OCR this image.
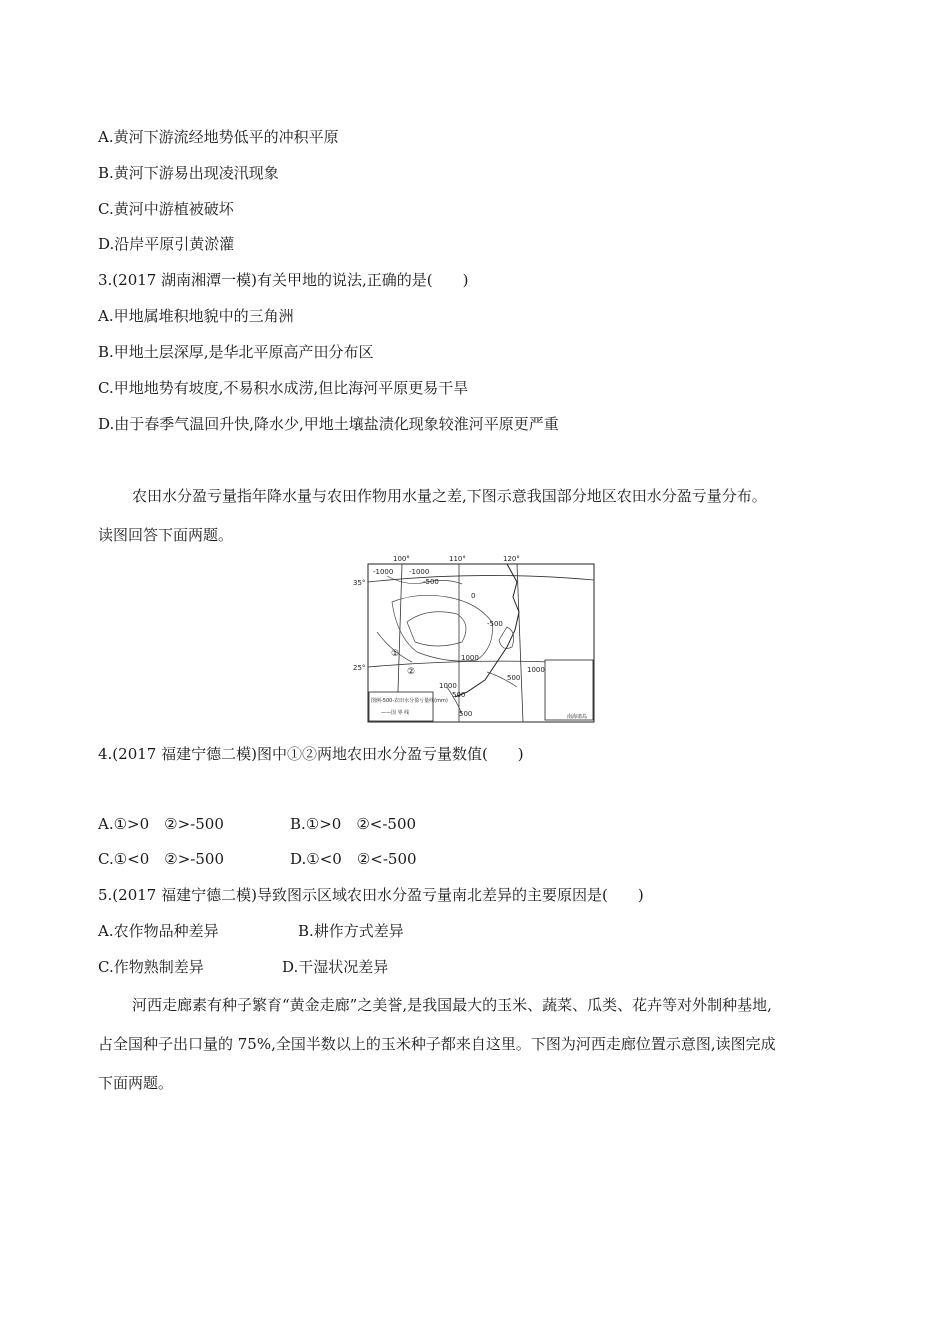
A.黄河下游流经地势低平的冲积平原
B.黄河下游易出现凌汛现象
C.黄河中游植被破坏
D.沿岸平原引黄淤灌
3.(2017 湖南湘潭一模)有关甲地的说法,正确的是(　　)
A.甲地属堆积地貌中的三角洲
B.甲地土层深厚,是华北平原高产田分布区
C.甲地地势有坡度,不易积水成涝,但比海河平原更易干旱
D.由于春季气温回升快,降水少,甲地土壤盐渍化现象较淮河平原更严重
农田水分盈亏量指年降水量与农田作物用水量之差,下图示意我国部分地区农田水分盈亏量分布。
读图回答下面两题。
100°	110°	120°
35°
25°
-1000 -1000
-500
0
-500
1000
500
1000
500
500
1000
①
②
图例 -500-农田水分盈亏量线(mm)
——国 界 线
南海诸岛
4.(2017 福建宁德二模)图中①②两地农田水分盈亏量数值(　　)
A.①>0　②>-500	B.①>0　②<-500
C.①<0　②>-500	D.①<0　②<-500
5.(2017 福建宁德二模)导致图示区域农田水分盈亏量南北差异的主要原因是(　　)
A.农作物品种差异	B.耕作方式差异
C.作物熟制差异	D.干湿状况差异
河西走廊素有种子繁育“黄金走廊”之美誉,是我国最大的玉米、蔬菜、瓜类、花卉等对外制种基地,
占全国种子出口量的 75%,全国半数以上的玉米种子都来自这里。下图为河西走廊位置示意图,读图完成
下面两题。
